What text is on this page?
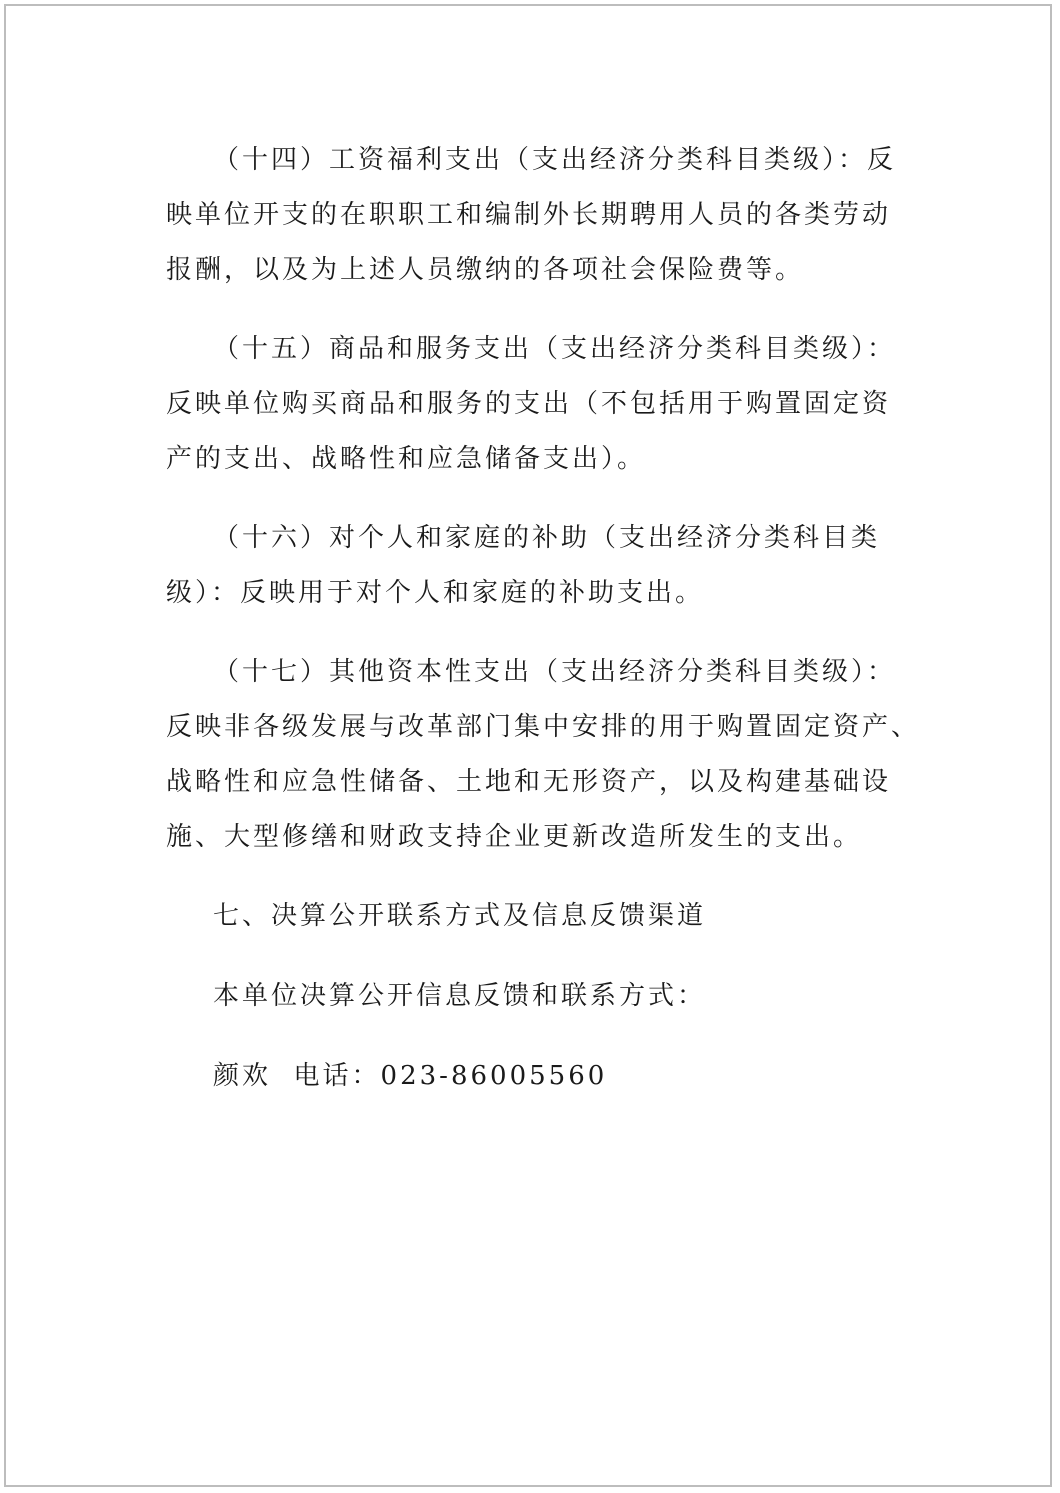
（十四）工资福利支出（支出经济分类科目类级）：反
映单位开支的在职职工和编制外长期聘用人员的各类劳动
报酬，以及为上述人员缴纳的各项社会保险费等。
（十五）商品和服务支出（支出经济分类科目类级）：
反映单位购买商品和服务的支出（不包括用于购置固定资
产的支出、战略性和应急储备支出）。
（十六）对个人和家庭的补助（支出经济分类科目类
级）：反映用于对个人和家庭的补助支出。
（十七）其他资本性支出（支出经济分类科目类级）：
反映非各级发展与改革部门集中安排的用于购置固定资产、
战略性和应急性储备、土地和无形资产，以及构建基础设
施、大型修缮和财政支持企业更新改造所发生的支出。
七、决算公开联系方式及信息反馈渠道
本单位决算公开信息反馈和联系方式：
颜欢  电话：023-86005560
